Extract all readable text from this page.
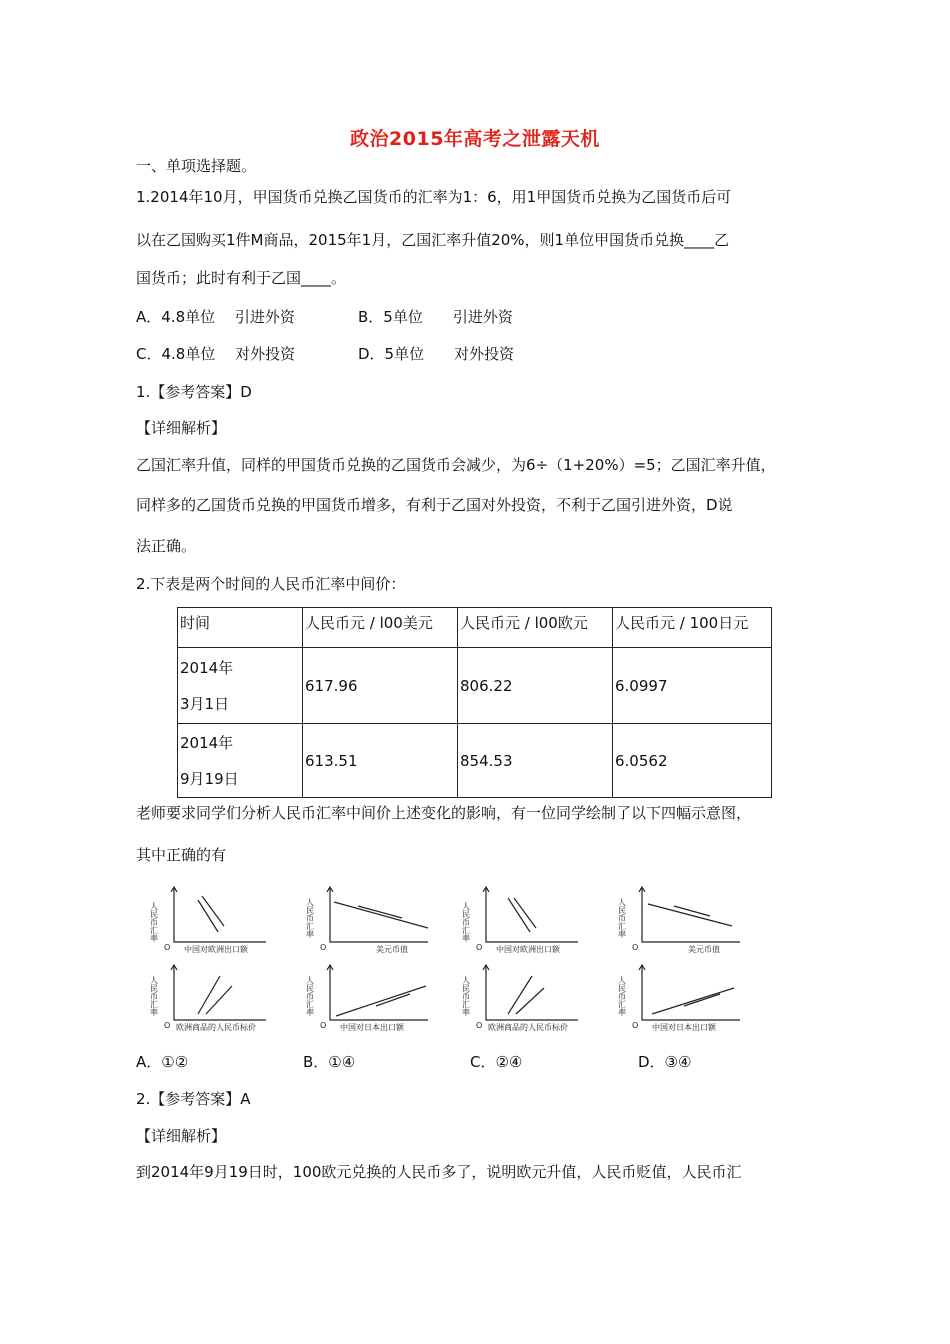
政治2015年高考之泄露天机
一、单项选择题。
1.2014年10月，甲国货币兑换乙国货币的汇率为1：6，用1甲国货币兑换为乙国货币后可
以在乙国购买1件M商品，2015年1月，乙国汇率升值20%，则1单位甲国货币兑换____乙
国货币；此时有利于乙国____。
A．4.8单位　 引进外资	B．5单位　　引进外资
C．4.8单位　 对外投资	D．5单位　　对外投资
1.【参考答案】D
【详细解析】
乙国汇率升值，同样的甲国货币兑换的乙国货币会减少，为6÷（1+20%）=5；乙国汇率升值，
同样多的乙国货币兑换的甲国货币增多，有利于乙国对外投资，不利于乙国引进外资，D说
法正确。
2.下表是两个时间的人民币汇率中间价：
时间	人民币元 / l00美元	人民币元 / l00欧元	人民币元 / 100日元

2014年
3月1日	617.96	806.22	6.0997

2014年
9月19日	613.51	854.53	6.0562
老师要求同学们分析人民币汇率中间价上述变化的影响，有一位同学绘制了以下四幅示意图，
其中正确的有
人民币汇率
O 中国对欧洲出口额
人民币汇率
O	美元币值
人民币汇率
O 中国对欧洲出口额
人民币汇率
O	美元币值
人民币汇率
O 欧洲商品的人民币标价
人民币汇率
O 中国对日本出口额
人民币汇率
O 欧洲商品的人民币标价
人民币汇率
O 中国对日本出口额
A．①②	B．①④	C．②④	D．③④
2.【参考答案】A
【详细解析】
到2014年9月19日时，100欧元兑换的人民币多了，说明欧元升值，人民币贬值，人民币汇
